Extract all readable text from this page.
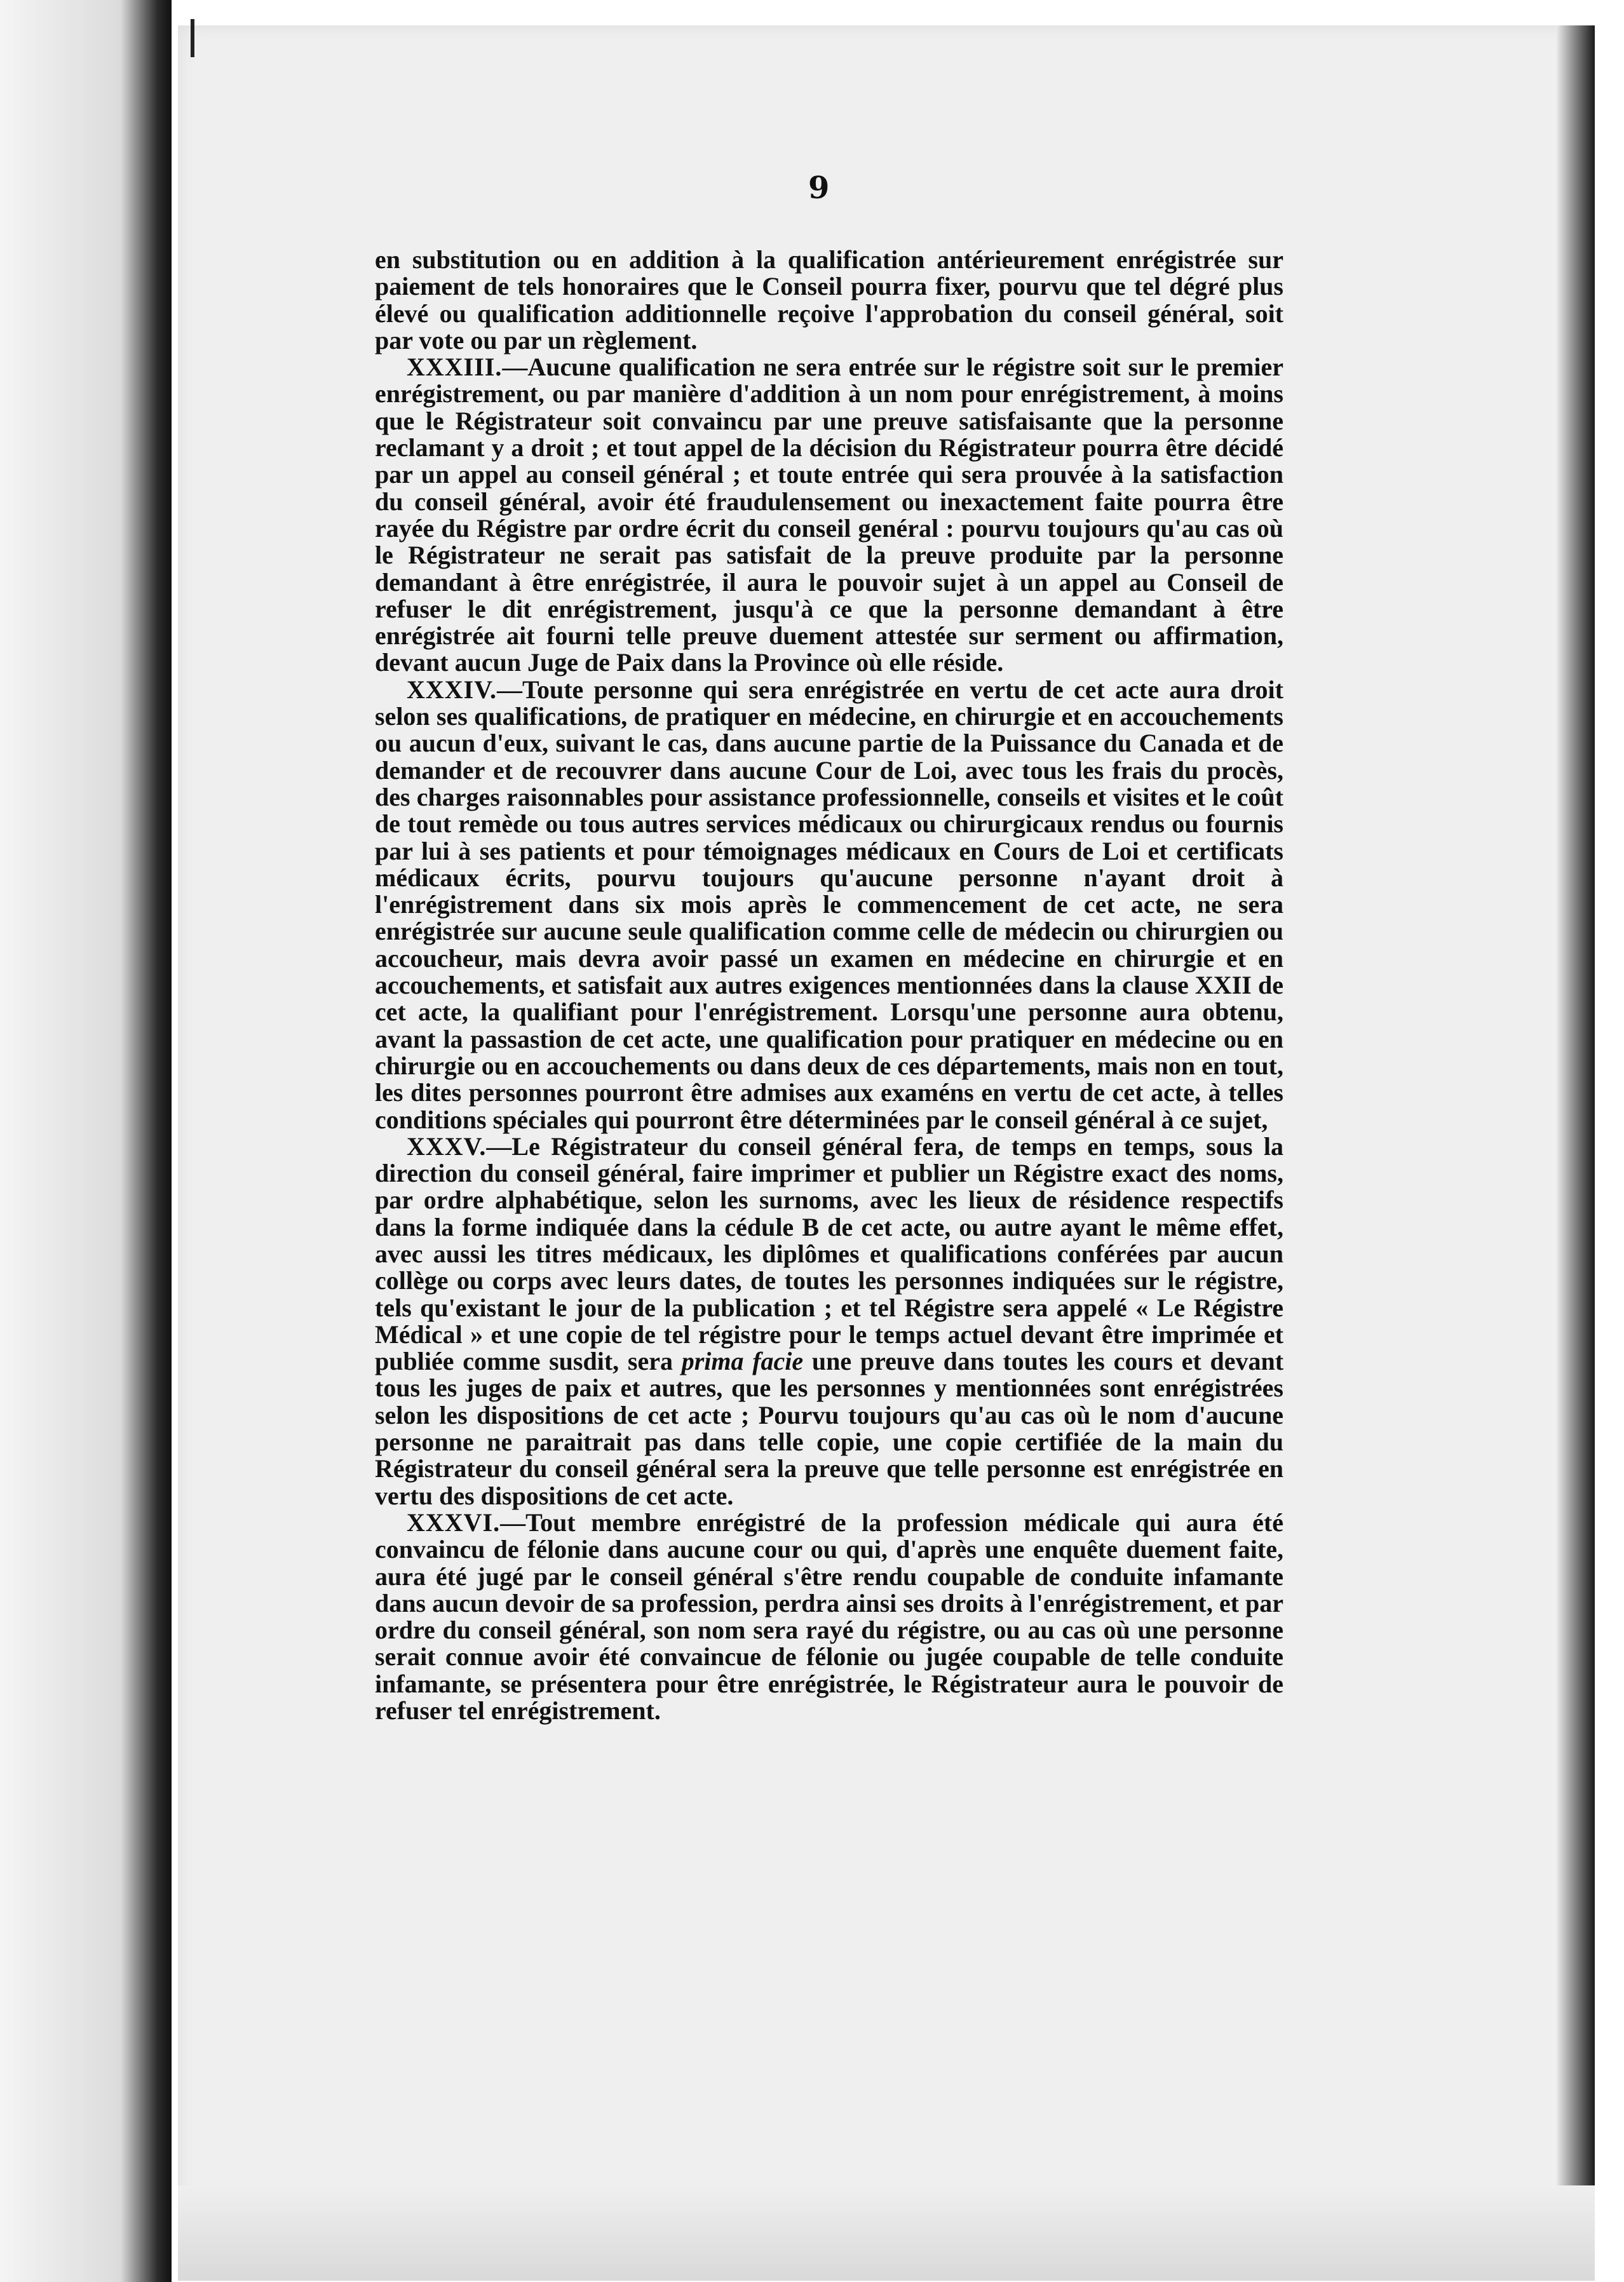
9

en substitution ou en addition à la qualification antérieurement enrégistrée sur paiement de tels honoraires que le Conseil pourra fixer, pourvu que tel dégré plus élevé ou qualification additionnelle reçoive l'approbation du conseil général, soit par vote ou par un règlement.

XXXIII.—Aucune qualification ne sera entrée sur le régistre soit sur le premier enrégistrement, ou par manière d'addition à un nom pour enrégistrement, à moins que le Régistrateur soit convaincu par une preuve satisfaisante que la personne reclamant y a droit ; et tout appel de la décision du Régistrateur pourra être décidé par un appel au conseil général ; et toute entrée qui sera prouvée à la satisfaction du conseil général, avoir été fraudulensement ou inexactement faite pourra être rayée du Régistre par ordre écrit du conseil genéral : pourvu toujours qu'au cas où le Régistrateur ne serait pas satisfait de la preuve produite par la personne demandant à être enrégistrée, il aura le pouvoir sujet à un appel au Conseil de refuser le dit enrégistrement, jusqu'à ce que la personne demandant à être enrégistrée ait fourni telle preuve duement attestée sur serment ou affirmation, devant aucun Juge de Paix dans la Province où elle réside.

XXXIV.—Toute personne qui sera enrégistrée en vertu de cet acte aura droit selon ses qualifications, de pratiquer en médecine, en chirurgie et en accouchements ou aucun d'eux, suivant le cas, dans aucune partie de la Puissance du Canada et de demander et de recouvrer dans aucune Cour de Loi, avec tous les frais du procès, des charges raisonnables pour assistance professionnelle, conseils et visites et le coût de tout remède ou tous autres services médicaux ou chirurgicaux rendus ou fournis par lui à ses patients et pour témoignages médicaux en Cours de Loi et certificats médicaux écrits, pourvu toujours qu'aucune personne n'ayant droit à l'enrégistrement dans six mois après le commencement de cet acte, ne sera enrégistrée sur aucune seule qualification comme celle de médecin ou chirurgien ou accoucheur, mais devra avoir passé un examen en médecine en chirurgie et en accouchements, et satisfait aux autres exigences mentionnées dans la clause XXII de cet acte, la qualifiant pour l'enrégistrement. Lorsqu'une personne aura obtenu, avant la passastion de cet acte, une qualification pour pratiquer en médecine ou en chirurgie ou en accouchements ou dans deux de ces départements, mais non en tout, les dites personnes pourront être admises aux examéns en vertu de cet acte, à telles conditions spéciales qui pourront être déterminées par le conseil général à ce sujet,

XXXV.—Le Régistrateur du conseil général fera, de temps en temps, sous la direction du conseil général, faire imprimer et publier un Régistre exact des noms, par ordre alphabétique, selon les surnoms, avec les lieux de résidence respectifs dans la forme indiquée dans la cédule B de cet acte, ou autre ayant le même effet, avec aussi les titres médicaux, les diplômes et qualifications conférées par aucun collège ou corps avec leurs dates, de toutes les personnes indiquées sur le régistre, tels qu'existant le jour de la publication ; et tel Régistre sera appelé « Le Régistre Médical » et une copie de tel régistre pour le temps actuel devant être imprimée et publiée comme susdit, sera prima facie une preuve dans toutes les cours et devant tous les juges de paix et autres, que les personnes y mentionnées sont enrégistrées selon les dispositions de cet acte ; Pourvu toujours qu'au cas où le nom d'aucune personne ne paraitrait pas dans telle copie, une copie certifiée de la main du Régistrateur du conseil général sera la preuve que telle personne est enrégistrée en vertu des dispositions de cet acte.

XXXVI.—Tout membre enrégistré de la profession médicale qui aura été convaincu de félonie dans aucune cour ou qui, d'après une enquête duement faite, aura été jugé par le conseil général s'être rendu coupable de conduite infamante dans aucun devoir de sa profession, perdra ainsi ses droits à l'enrégistrement, et par ordre du conseil général, son nom sera rayé du régistre, ou au cas où une personne serait connue avoir été convaincue de félonie ou jugée coupable de telle conduite infamante, se présentera pour être enrégistrée, le Régistrateur aura le pouvoir de refuser tel enrégistrement.
